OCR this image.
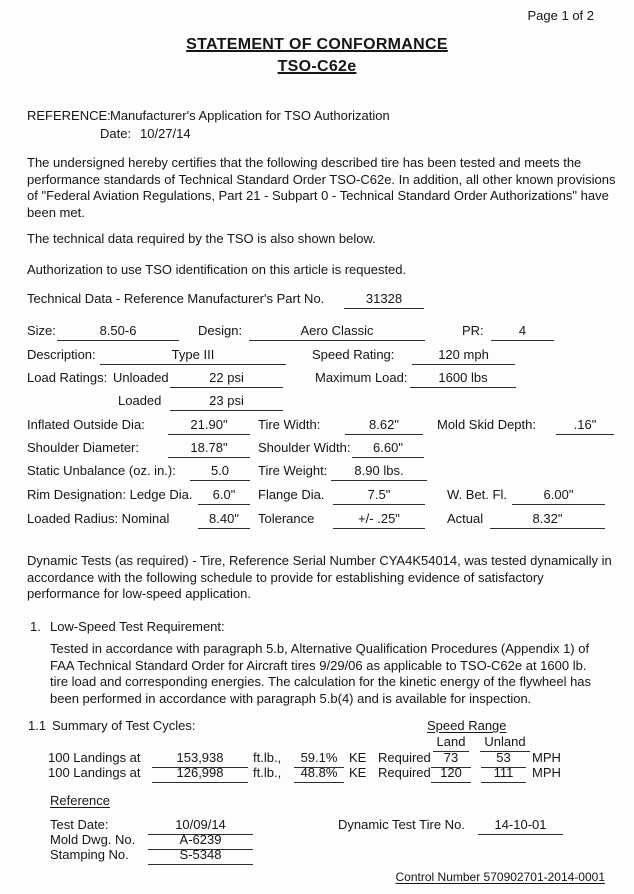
Page 1 of 2
STATEMENT OF CONFORMANCE
TSO-C62e
REFERENCE: Manufacturer's Application for TSO Authorization
Date: 10/27/14
The undersigned hereby certifies that the following described tire has been tested and meets the performance standards of Technical Standard Order TSO-C62e. In addition, all other known provisions of "Federal Aviation Regulations, Part 21 - Subpart 0 - Technical Standard Order Authorizations" have been met.
The technical data required by the TSO is also shown below.
Authorization to use TSO identification on this article is requested.
Technical Data - Reference Manufacturer's Part No.	31328
Size:	8.50-6	Design:	Aero Classic	PR:	4
Description:	Type III	Speed Rating:	120 mph
Load Ratings: Unloaded	22 psi	Maximum Load:	1600 lbs
Loaded	23 psi
Inflated Outside Dia:	21.90"	Tire Width:	8.62"	Mold Skid Depth:	.16"
Shoulder Diameter:	18.78"	Shoulder Width:	6.60"
Static Unbalance (oz. in.):	5.0	Tire Weight:	8.90 lbs.
Rim Designation: Ledge Dia.	6.0"	Flange Dia.	7.5"	W. Bet. Fl.	6.00"
Loaded Radius: Nominal	8.40"	Tolerance	+/- .25"	Actual	8.32"
Dynamic Tests (as required) - Tire, Reference Serial Number CYA4K54014, was tested dynamically in accordance with the following schedule to provide for establishing evidence of satisfactory performance for low-speed application.
1. Low-Speed Test Requirement:
Tested in accordance with paragraph 5.b, Alternative Qualification Procedures (Appendix 1) of FAA Technical Standard Order for Aircraft tires 9/29/06 as applicable to TSO-C62e at 1600 lb. tire load and corresponding energies. The calculation for the kinetic energy of the flywheel has been performed in accordance with paragraph 5.b(4) and is available for inspection.
1.1 Summary of Test Cycles:	Speed Range
Land	Unland
100 Landings at	153,938	ft.lb.,	59.1% KE Required	73	53	MPH
100 Landings at	126,998	ft.lb.,	48.8% KE Required 120	111	MPH
Reference
Test Date:	10/09/14	Dynamic Test Tire No.	14-10-01
Mold Dwg. No.	A-6239
Stamping No.	S-5348
Control Number 570902701-2014-0001
